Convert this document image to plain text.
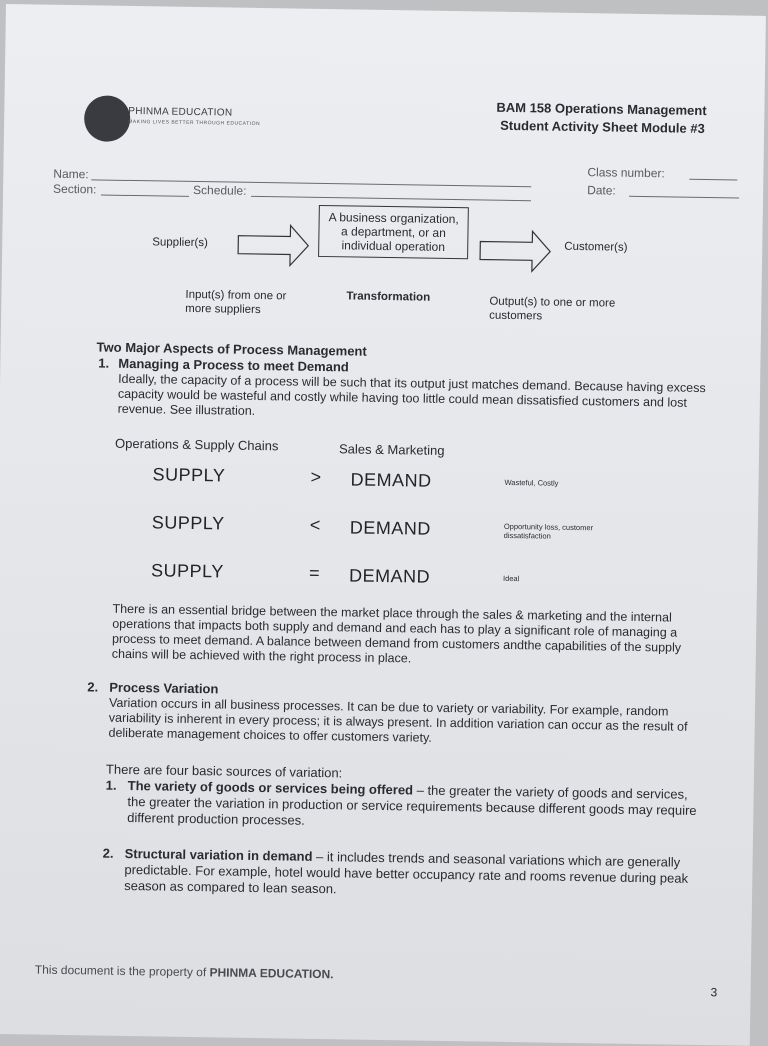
PHINMA EDUCATION
MAKING LIVES BETTER THROUGH EDUCATION
BAM 158 Operations Management
Student Activity Sheet Module #3
Name:
Section:	Schedule:
Class number:
Date:
Supplier(s)
A business organization, a department, or an individual operation	Customer(s)
Input(s) from one or more suppliers
Transformation	Output(s) to one or more customers
Two Major Aspects of Process Management
1. Managing a Process to meet Demand
Ideally, the capacity of a process will be such that its output just matches demand. Because having excess capacity would be wasteful and costly while having too little could mean dissatisfied customers and lost revenue. See illustration.
Operations & Supply Chains	Sales & Marketing
SUPPLY	> DEMAND	Wasteful, Costly
SUPPLY	< DEMAND	Opportunity loss, customer dissatisfaction
SUPPLY	= DEMAND	Ideal
There is an essential bridge between the market place through the sales & marketing and the internal operations that impacts both supply and demand and each has to play a significant role of managing a process to meet demand. A balance between demand from customers andthe capabilities of the supply chains will be achieved with the right process in place.
2. Process Variation
Variation occurs in all business processes. It can be due to variety or variability. For example, random variability is inherent in every process; it is always present. In addition variation can occur as the result of deliberate management choices to offer customers variety.
There are four basic sources of variation:
1. The variety of goods or services being offered – the greater the variety of goods and services, the greater the variation in production or service requirements because different goods may require different production processes.
2. Structural variation in demand – it includes trends and seasonal variations which are generally predictable. For example, hotel would have better occupancy rate and rooms revenue during peak season as compared to lean season.
This document is the property of PHINMA EDUCATION.
3
